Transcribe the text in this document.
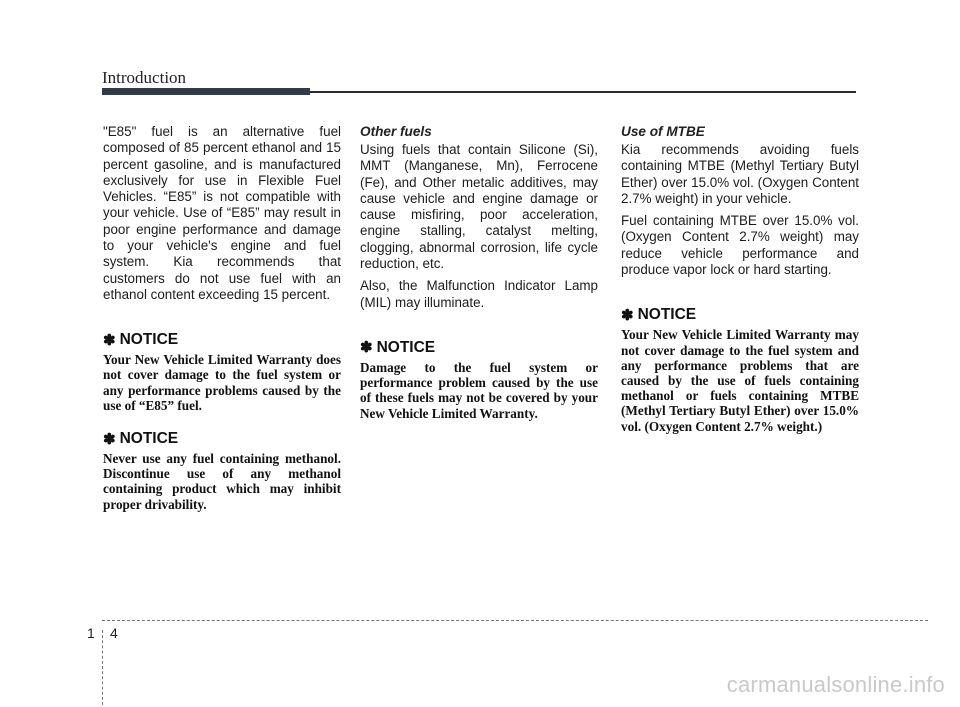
Introduction

"E85" fuel is an alternative fuel composed of 85 percent ethanol and 15 percent gasoline, and is manufactured exclusively for use in Flexible Fuel Vehicles. “E85” is not compatible with your vehicle. Use of “E85” may result in poor engine performance and damage to your vehicle's engine and fuel system. Kia recommends that customers do not use fuel with an ethanol content exceeding 15 percent.

✽ NOTICE

Your New Vehicle Limited Warranty does not cover damage to the fuel system or any performance problems caused by the use of “E85” fuel.

✽ NOTICE

Never use any fuel containing methanol. Discontinue use of any methanol containing product which may inhibit proper drivability.

Other fuels

Using fuels that contain Silicone (Si), MMT (Manganese, Mn), Ferrocene (Fe), and Other metalic additives, may cause vehicle and engine damage or cause misfiring, poor acceleration, engine stalling, catalyst melting, clogging, abnormal corrosion, life cycle reduction, etc.

Also, the Malfunction Indicator Lamp (MIL) may illuminate.

✽ NOTICE

Damage to the fuel system or performance problem caused by the use of these fuels may not be covered by your New Vehicle Limited Warranty.

Use of MTBE

Kia recommends avoiding fuels containing MTBE (Methyl Tertiary Butyl Ether) over 15.0% vol. (Oxygen Content 2.7% weight) in your vehicle.

Fuel containing MTBE over 15.0% vol. (Oxygen Content 2.7% weight) may reduce vehicle performance and produce vapor lock or hard starting.

✽ NOTICE

Your New Vehicle Limited Warranty may not cover damage to the fuel system and any performance problems that are caused by the use of fuels containing methanol or fuels containing MTBE (Methyl Tertiary Butyl Ether) over 15.0% vol. (Oxygen Content 2.7% weight.)

1 4
carmanualsonline.info
